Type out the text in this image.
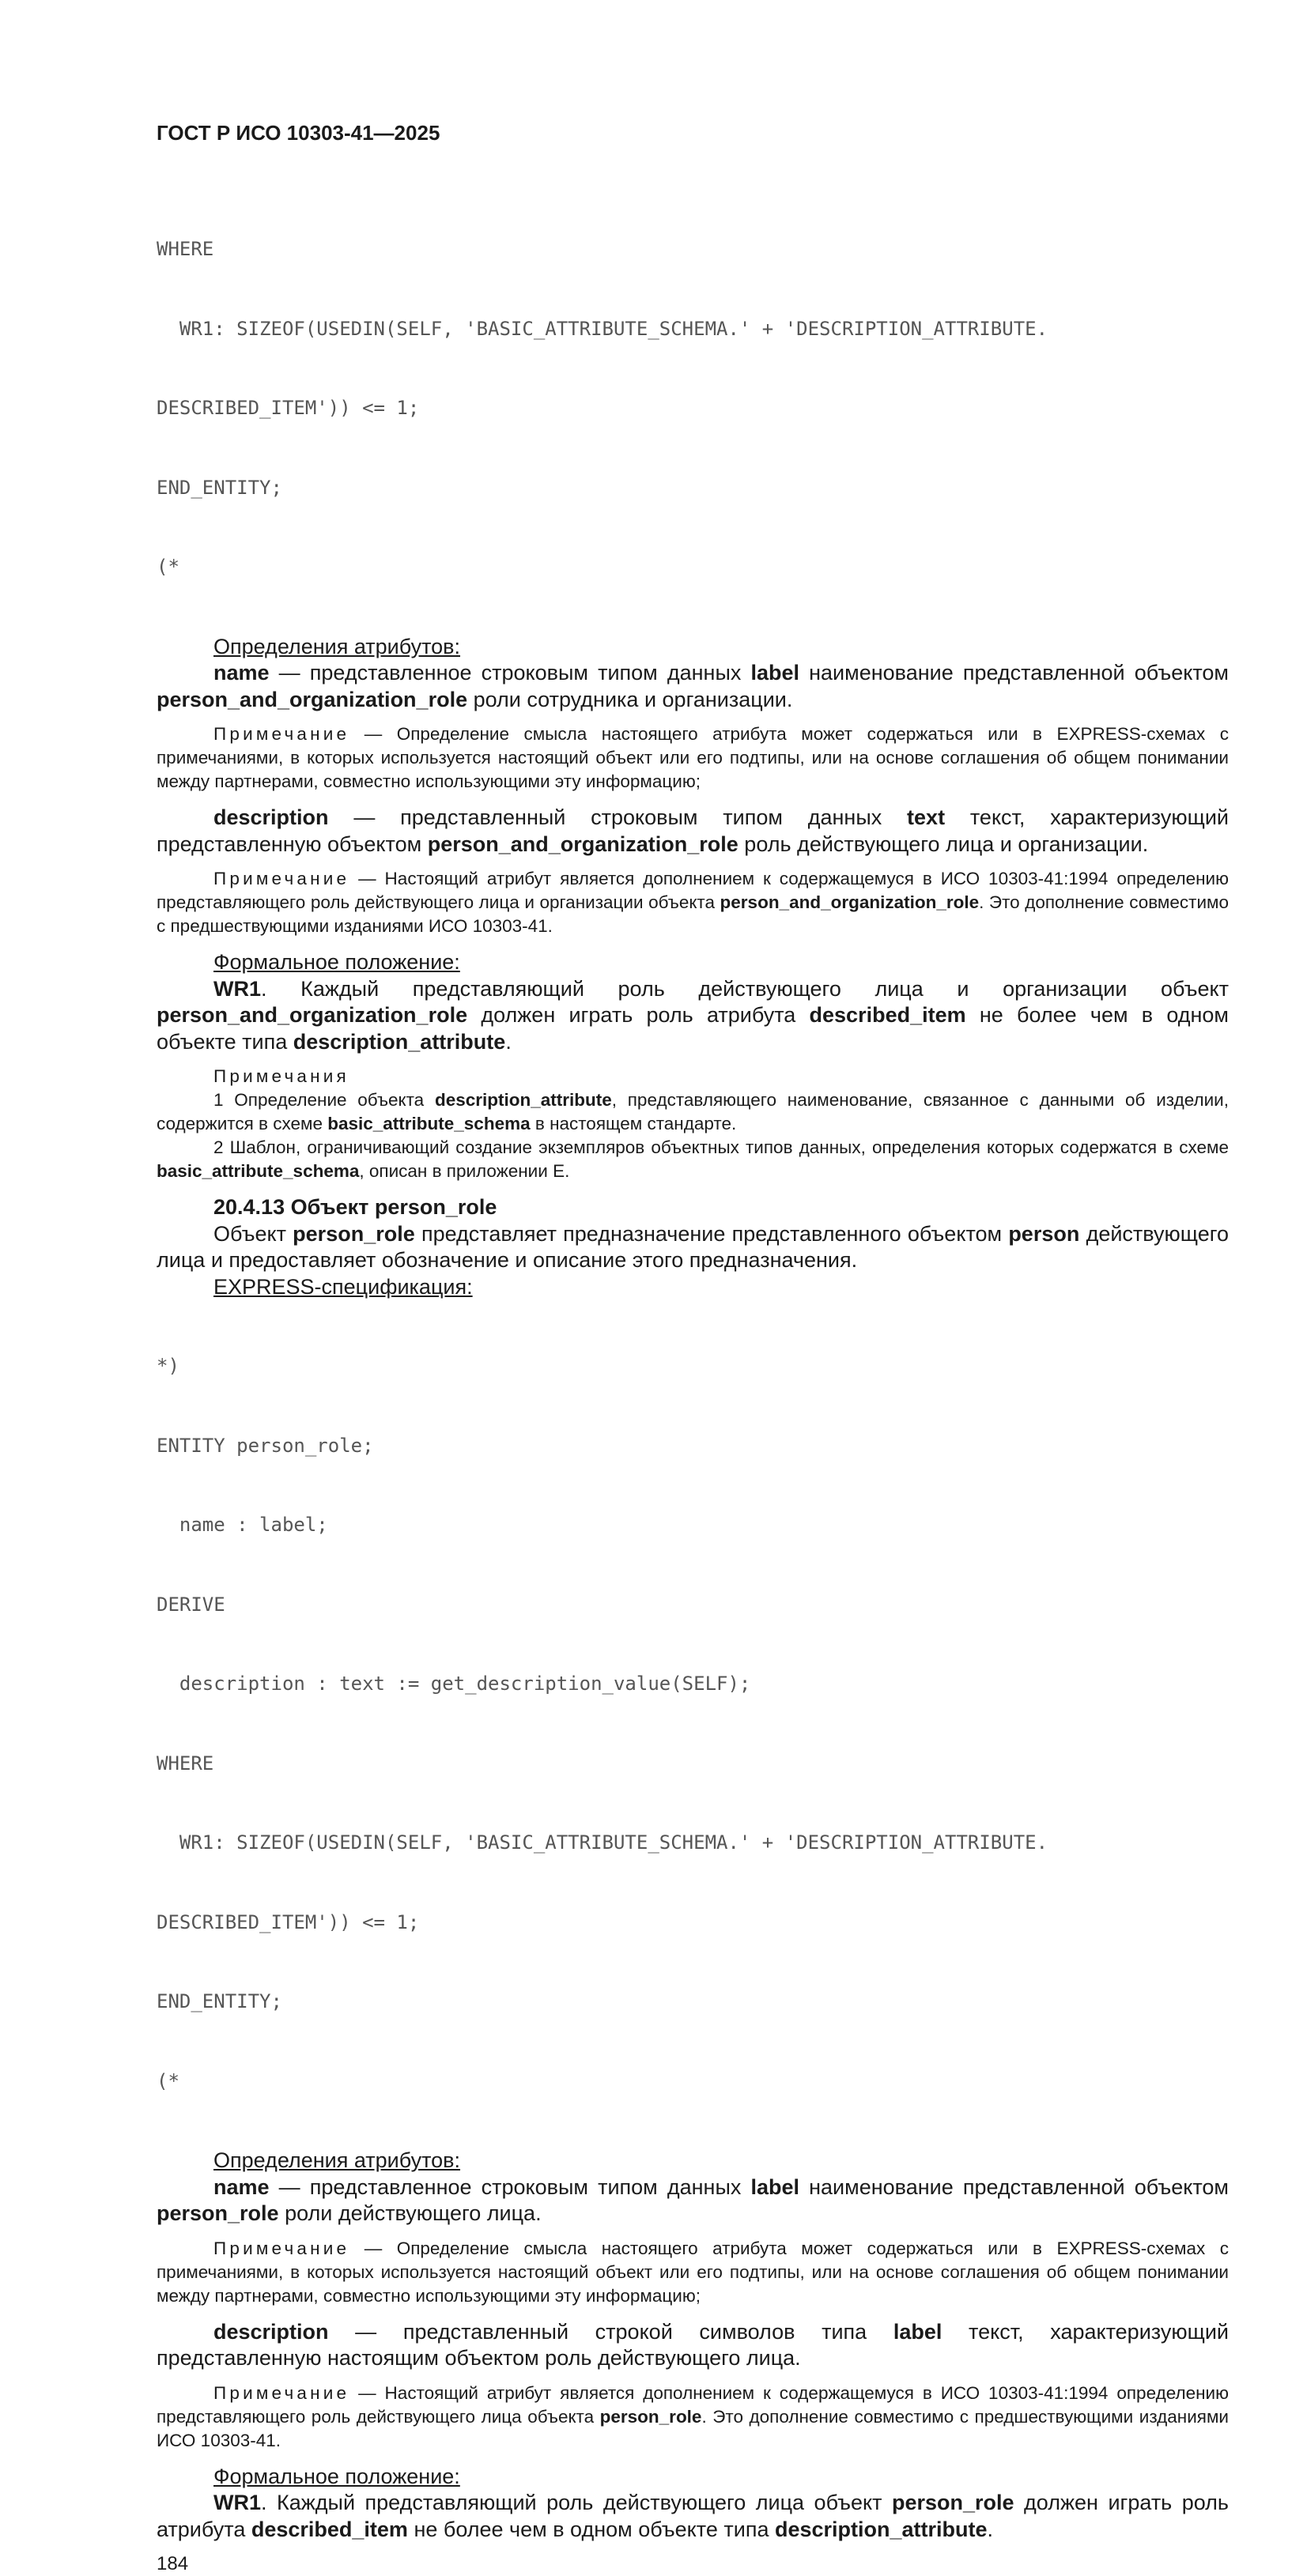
ГОСТ Р ИСО 10303-41—2025

WHERE

WR1: SIZEOF(USEDIN(SELF, 'BASIC_ATTRIBUTE_SCHEMA.' + 'DESCRIPTION_ATTRIBUTE.

DESCRIBED_ITEM')) <= 1;

END_ENTITY;

(*

Определения атрибутов:
name — представленное строковым типом данных label наименование представленной объектом person_and_organization_role роли сотрудника и организации.
Примечание — Определение смысла настоящего атрибута может содержаться или в EXPRESS-схемах с примечаниями, в которых используется настоящий объект или его подтипы, или на основе соглашения об общем понимании между партнерами, совместно использующими эту информацию;
description — представленный строковым типом данных text текст, характеризующий представленную объектом person_and_organization_role роль действующего лица и организации.
Примечание — Настоящий атрибут является дополнением к содержащемуся в ИСО 10303-41:1994 определению представляющего роль действующего лица и организации объекта person_and_organization_role. Это дополнение совместимо с предшествующими изданиями ИСО 10303-41.
Формальное положение:
WR1. Каждый представляющий роль действующего лица и организации объект person_and_organization_role должен играть роль атрибута described_item не более чем в одном объекте типа description_attribute.
Примечания
1 Определение объекта description_attribute, представляющего наименование, связанное с данными об изделии, содержится в схеме basic_attribute_schema в настоящем стандарте.
2 Шаблон, ограничивающий создание экземпляров объектных типов данных, определения которых содержатся в схеме basic_attribute_schema, описан в приложении E.
20.4.13 Объект person_role
Объект person_role представляет предназначение представленного объектом person действующего лица и предоставляет обозначение и описание этого предназначения.
EXPRESS-спецификация:

*)

ENTITY person_role;

name : label;

DERIVE

description : text := get_description_value(SELF);

WHERE

WR1: SIZEOF(USEDIN(SELF, 'BASIC_ATTRIBUTE_SCHEMA.' + 'DESCRIPTION_ATTRIBUTE.

DESCRIBED_ITEM')) <= 1;

END_ENTITY;

(*

Определения атрибутов:
name — представленное строковым типом данных label наименование представленной объектом person_role роли действующего лица.
Примечание — Определение смысла настоящего атрибута может содержаться или в EXPRESS-схемах с примечаниями, в которых используется настоящий объект или его подтипы, или на основе соглашения об общем понимании между партнерами, совместно использующими эту информацию;
description — представленный строкой символов типа label текст, характеризующий представленную настоящим объектом роль действующего лица.
Примечание — Настоящий атрибут является дополнением к содержащемуся в ИСО 10303-41:1994 определению представляющего роль действующего лица объекта person_role. Это дополнение совместимо с предшествующими изданиями ИСО 10303-41.
Формальное положение:
WR1. Каждый представляющий роль действующего лица объект person_role должен играть роль атрибута described_item не более чем в одном объекте типа description_attribute.
184
